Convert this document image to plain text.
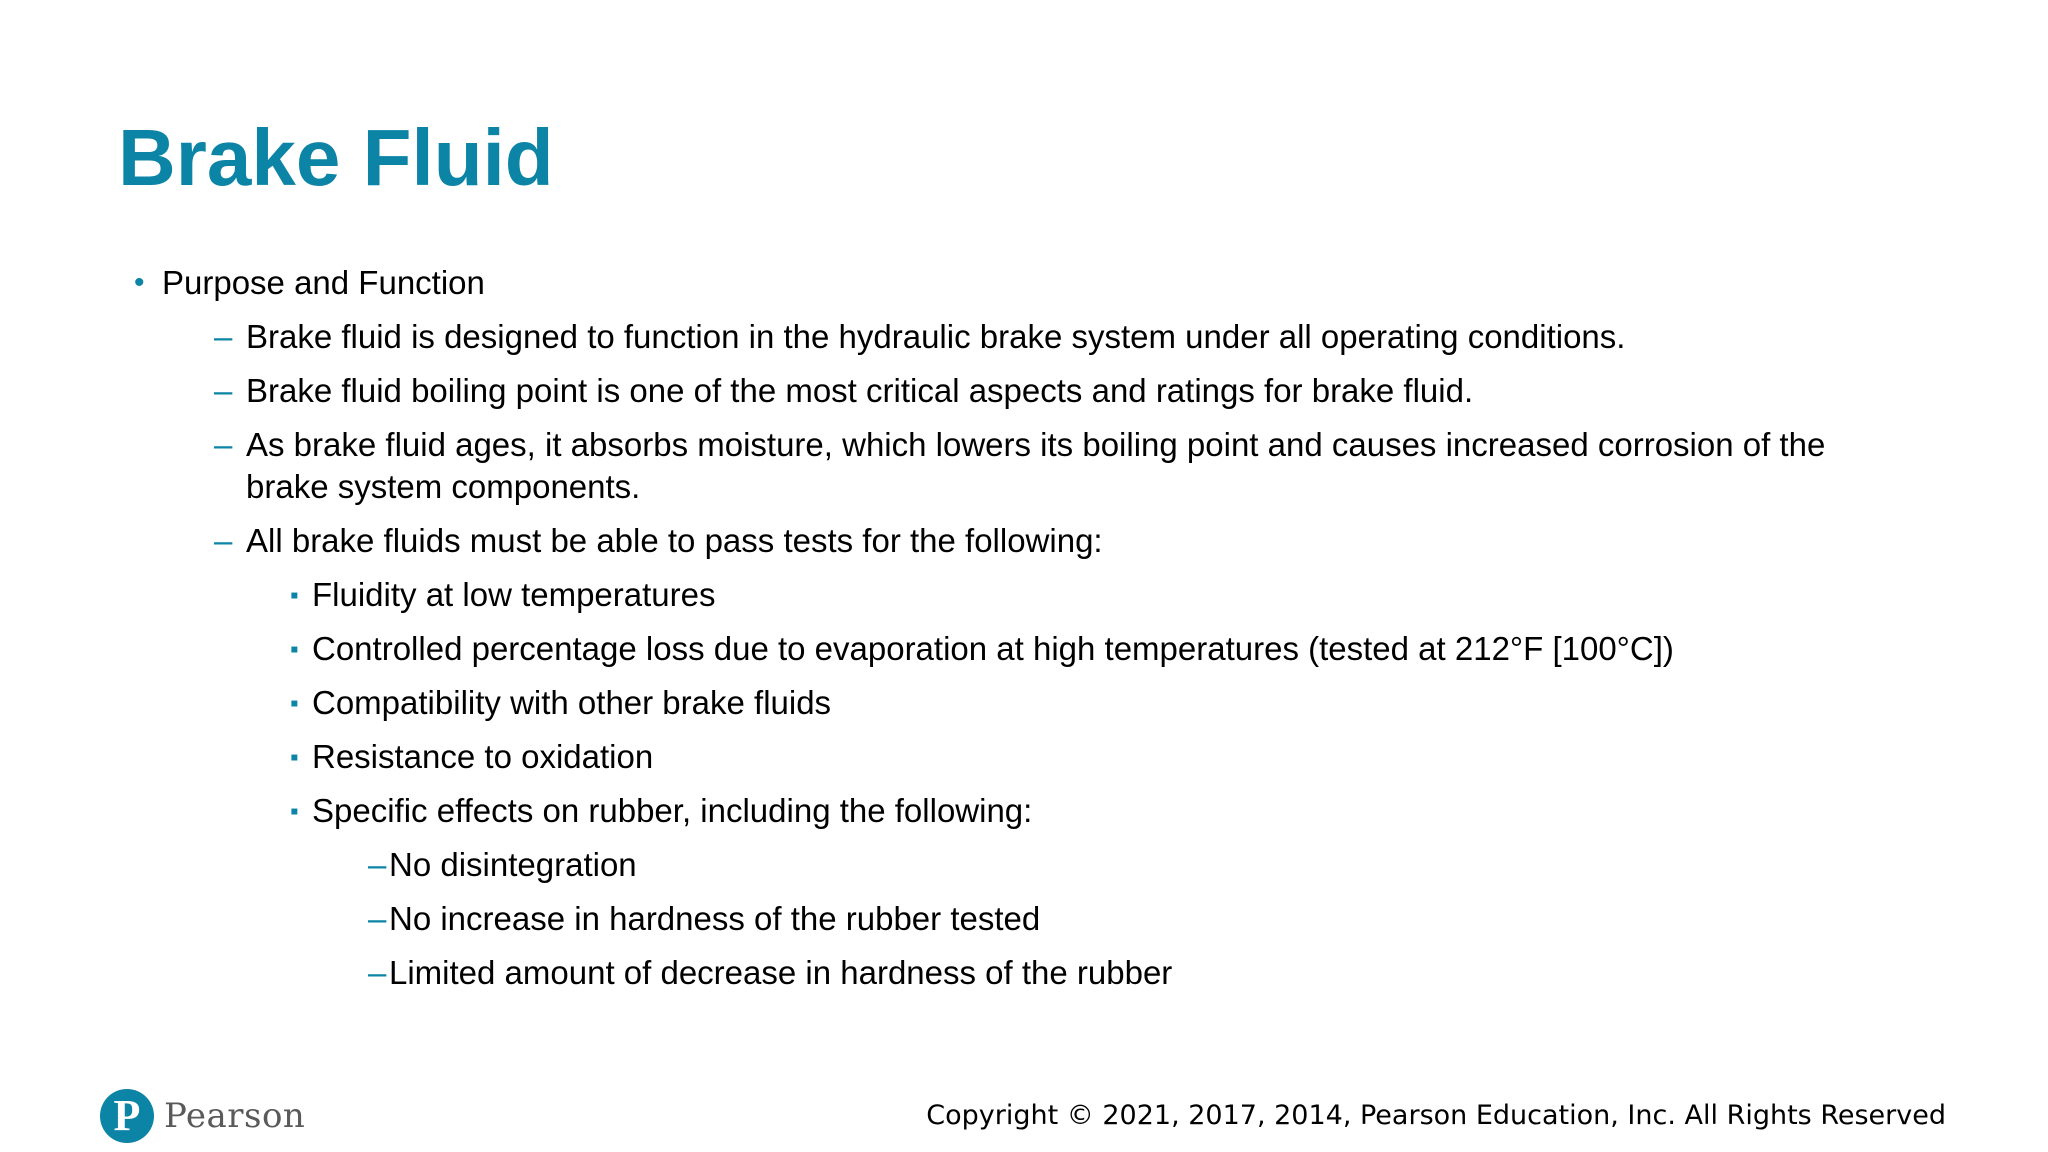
Brake Fluid
• Purpose and Function
– Brake fluid is designed to function in the hydraulic brake system under all operating conditions.
– Brake fluid boiling point is one of the most critical aspects and ratings for brake fluid.
– As brake fluid ages, it absorbs moisture, which lowers its boiling point and causes increased corrosion of the
brake system components.
– All brake fluids must be able to pass tests for the following:
▪ Fluidity at low temperatures
▪ Controlled percentage loss due to evaporation at high temperatures (tested at 212°F [100°C])
▪ Compatibility with other brake fluids
▪ Resistance to oxidation
▪ Specific effects on rubber, including the following:
– No disintegration
– No increase in hardness of the rubber tested
– Limited amount of decrease in hardness of the rubber
P Pearson	Copyright © 2021, 2017, 2014, Pearson Education, Inc. All Rights Reserved
